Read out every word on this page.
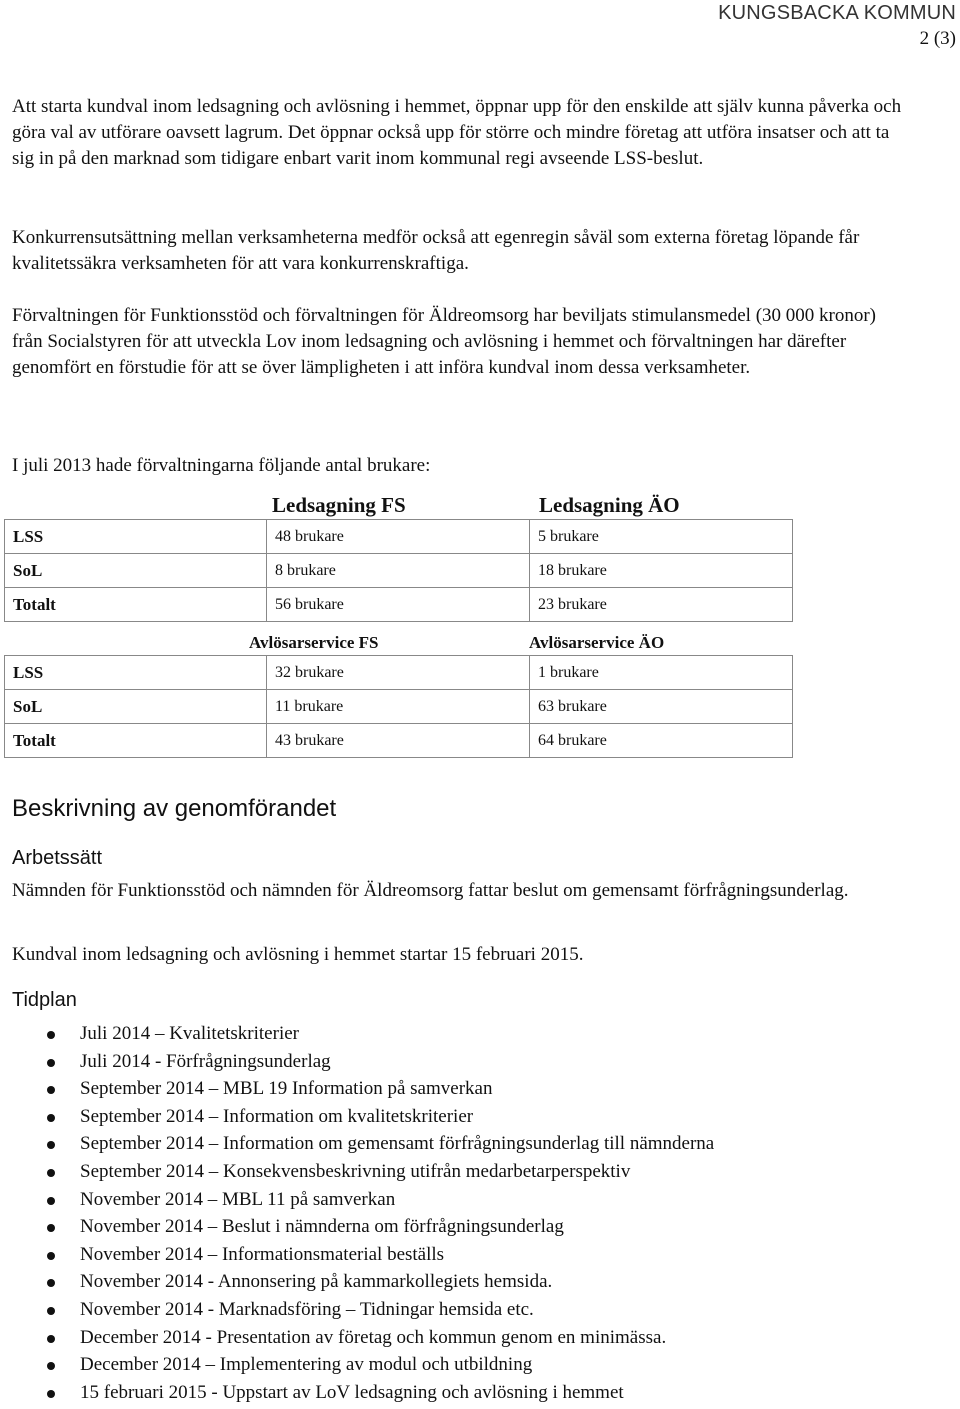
KUNGSBACKA KOMMUN
2 (3)

Att starta kundval inom ledsagning och avlösning i hemmet, öppnar upp för den enskilde att själv kunna påverka och göra val av utförare oavsett lagrum. Det öppnar också upp för större och mindre företag att utföra insatser och att ta sig in på den marknad som tidigare enbart varit inom kommunal regi avseende LSS-beslut.

Konkurrensutsättning mellan verksamheterna medför också att egenregin såväl som externa företag löpande får kvalitetssäkra verksamheten för att vara konkurrenskraftiga.

Förvaltningen för Funktionsstöd och förvaltningen för Äldreomsorg har beviljats stimulansmedel (30 000 kronor) från Socialstyren för att utveckla Lov inom ledsagning och avlösning i hemmet och förvaltningen har därefter genomfört en förstudie för att se över lämpligheten i att införa kundval inom dessa verksamheter.

I juli 2013 hade förvaltningarna följande antal brukare:

Ledsagning FS	Ledsagning ÄO
LSS	48 brukare	5 brukare
SoL	8 brukare	18 brukare
Totalt	56 brukare	23 brukare
Avlösarservice FS	Avlösarservice ÄO
LSS	32 brukare	1 brukare
SoL	11 brukare	63 brukare
Totalt	43 brukare	64 brukare
Beskrivning av genomförandet
Arbetssätt

Nämnden för Funktionsstöd och nämnden för Äldreomsorg fattar beslut om gemensamt förfrågningsunderlag.

Kundval inom ledsagning och avlösning i hemmet startar 15 februari 2015.

Tidplan
Juli 2014 – Kvalitetskriterier
Juli 2014 - Förfrågningsunderlag
September 2014 – MBL 19 Information på samverkan
September 2014 – Information om kvalitetskriterier
September 2014 – Information om gemensamt förfrågningsunderlag till nämnderna
September 2014 – Konsekvensbeskrivning utifrån medarbetarperspektiv
November 2014 – MBL 11 på samverkan
November 2014 – Beslut i nämnderna om förfrågningsunderlag
November 2014 – Informationsmaterial beställs
November 2014 - Annonsering på kammarkollegiets hemsida.
November 2014 - Marknadsföring – Tidningar hemsida etc.
December 2014 - Presentation av företag och kommun genom en minimässa.
December 2014 – Implementering av modul och utbildning
15 februari 2015 - Uppstart av LoV ledsagning och avlösning i hemmet
